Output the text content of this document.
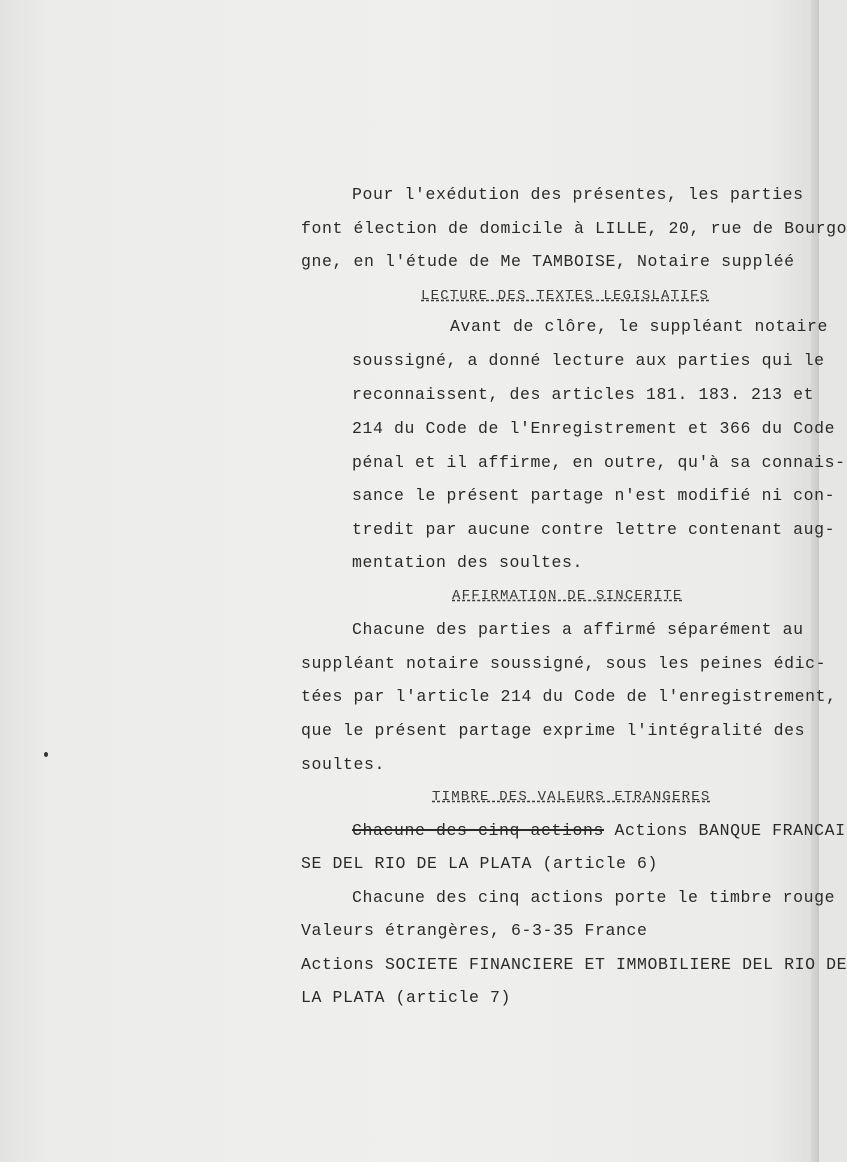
Pour l'exédution des présentes, les parties
font élection de domicile à LILLE, 20, rue de Bourgo
gne, en l'étude de Me TAMBOISE, Notaire suppléé
LECTURE DES TEXTES LEGISLATIFS
Avant de clôre, le suppléant notaire
soussigné, a donné lecture aux parties qui le
reconnaissent, des articles 181. 183. 213 et
214 du Code de l'Enregistrement et 366 du Code
pénal et il affirme, en outre, qu'à sa connais-
sance le présent partage n'est modifié ni con-
tredit par aucune contre lettre contenant aug-
mentation des soultes.
AFFIRMATION DE SINCERITE
Chacune des parties a affirmé séparément au
suppléant notaire soussigné, sous les peines édic-
tées par l'article 214 du Code de l'enregistrement,
que le présent partage exprime l'intégralité des
soultes.
TIMBRE DES VALEURS ETRANGERES
Chacune des cinq actions Actions BANQUE FRANCAI
SE DEL RIO DE LA PLATA (article 6)
Chacune des cinq actions porte le timbre rouge
Valeurs étrangères, 6-3-35 France
Actions SOCIETE FINANCIERE ET IMMOBILIERE DEL RIO DE
LA PLATA (article 7)
